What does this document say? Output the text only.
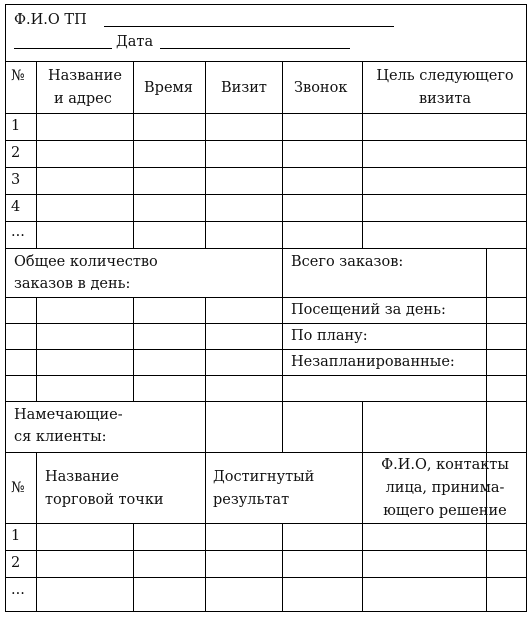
Ф.И.О ТП
Дата
№ Название
и адрес
Время Визит Звонок
Цель следующего
визита
1
2
3
4
...
Общее количество
заказов в день:
Всего заказов:
Посещений за день:
По плану:
Незапланированные:
Намечающие-
ся клиенты:
№
Название
торговой точки
Достигнутый
результат
Ф.И.О, контакты
лица, принима-
ющего решение
1
2
...
